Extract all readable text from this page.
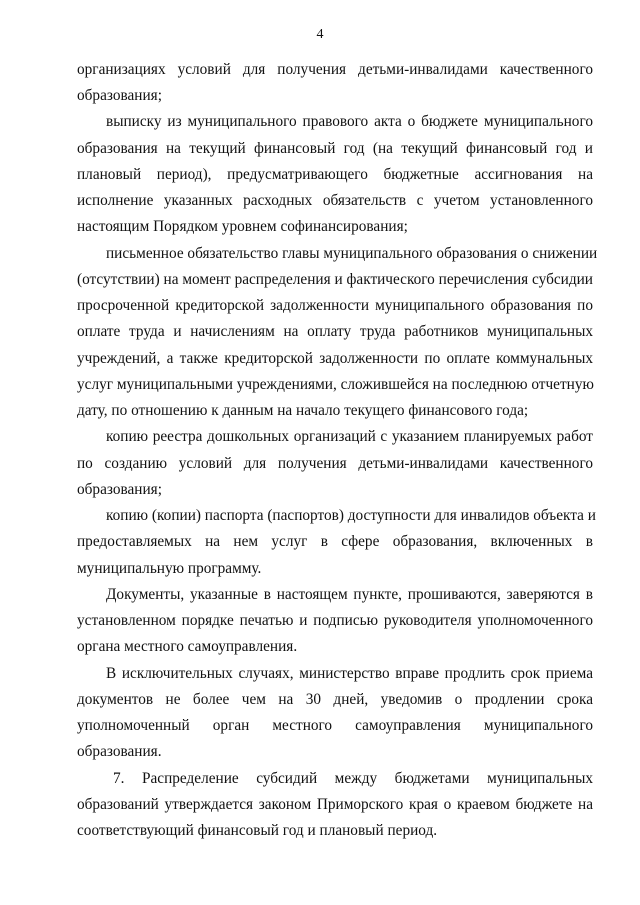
4
организациях условий для получения детьми-инвалидами качественного
образования;
выписку из муниципального правового акта о бюджете муниципального
образования на текущий финансовый год (на текущий финансовый год и
плановый период), предусматривающего бюджетные ассигнования на
исполнение указанных расходных обязательств с учетом установленного
настоящим Порядком уровнем софинансирования;
письменное обязательство главы муниципального образования о снижении
(отсутствии) на момент распределения и фактического перечисления субсидии
просроченной кредиторской задолженности муниципального образования по
оплате труда и начислениям на оплату труда работников муниципальных
учреждений, а также кредиторской задолженности по оплате коммунальных
услуг муниципальными учреждениями, сложившейся на последнюю отчетную
дату, по отношению к данным на начало текущего финансового года;
копию реестра дошкольных организаций с указанием планируемых работ
по созданию условий для получения детьми-инвалидами качественного
образования;
копию (копии) паспорта (паспортов) доступности для инвалидов объекта и
предоставляемых на нем услуг в сфере образования, включенных в
муниципальную программу.
Документы, указанные в настоящем пункте, прошиваются, заверяются в
установленном порядке печатью и подписью руководителя уполномоченного
органа местного самоуправления.
В исключительных случаях, министерство вправе продлить срок приема
документов не более чем на 30 дней, уведомив о продлении срока
уполномоченный орган местного самоуправления муниципального
образования.
7. Распределение субсидий между бюджетами муниципальных
образований утверждается законом Приморского края о краевом бюджете на
соответствующий финансовый год и плановый период.
